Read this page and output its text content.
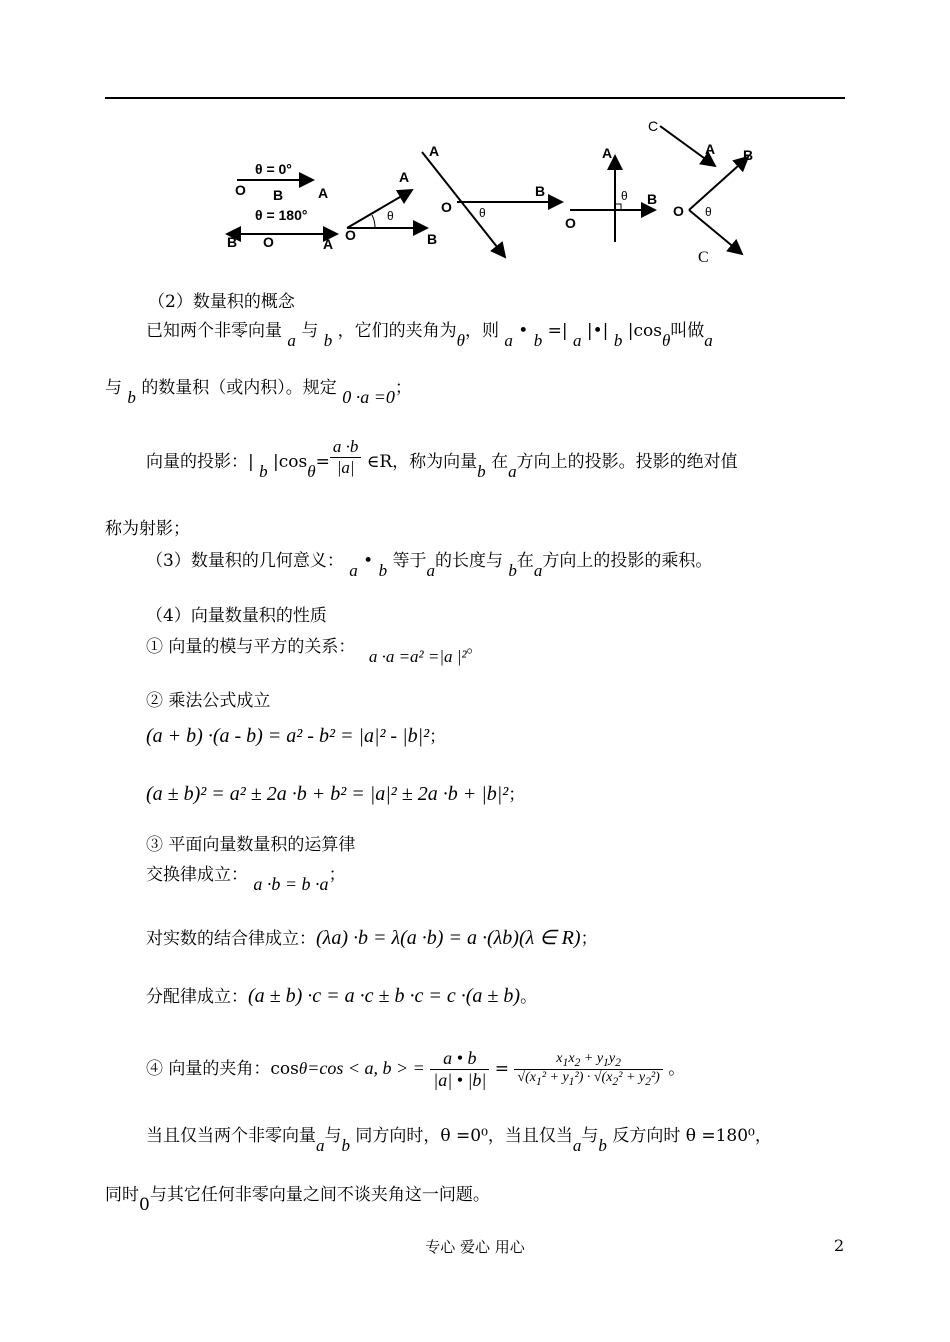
θ = 0°
O B A
θ = 180°
B O	A
O
A
B
θ
A
O
B
θ
O
A
B
θ
C
A B
O θ
C
（2）数量积的概念
已知两个非零向量 a 与 b ，它们的夹角为θ，则 a • b =| a |•| b |cosθ叫做a
与 b 的数量积（或内积）。规定 0 ·a =0；
向量的投影：| b $|\cos\theta= \frac{a \cdot b}{|a|}$ ∈R，称为向量b 在a方向上的投影。投影的绝对值
称为射影；
（3）数量积的几何意义： a • b 等于a的长度与 b在a方向上的投影的乘积。
（4）向量数量积的性质
① 向量的模与平方的关系： a ·a =a² =|a |²。
② 乘法公式成立
(a + b) ·(a - b) = a² - b² = |a|² - |b|²；
(a ± b)² = a² ± 2a ·b + b² = |a|² ± 2a ·b + |b|²；
③ 平面向量数量积的运算律
交换律成立： a ·b = b ·a；
对实数的结合律成立：(λa) ·b = λ(a ·b) = a ·(λb)(λ ∈ R)；
分配律成立：(a ± b) ·c = a ·c ± b ·c = c ·(a ± b)。
④ 向量的夹角：cosθ=cos < a, b > = $\frac{a • b}{|a| • |b|} = \frac{x_1x_2 + y_1y_2}{√(x_1^2 + y_1^2) \cdot √(x_2^2 + y_2^2)}$ 。
当且仅当两个非零向量a与b 同方向时，θ =0⁰，当且仅当a与b 反方向时 θ =180⁰，
同时0与其它任何非零向量之间不谈夹角这一问题。
专心 爱心 用心	2
